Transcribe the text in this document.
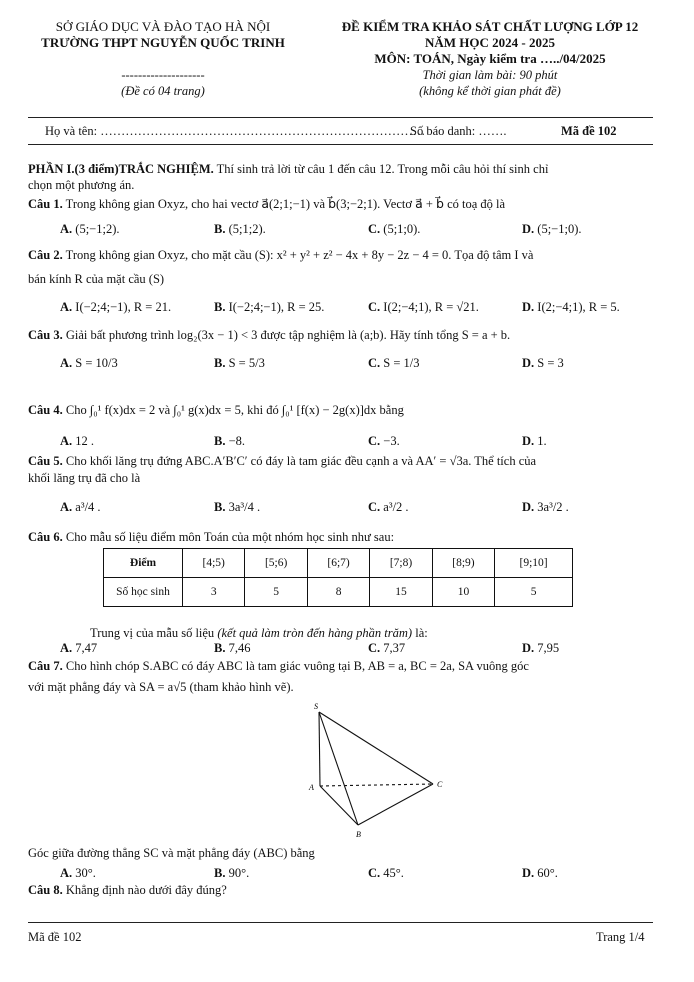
SỞ GIÁO DỤC VÀ ĐÀO TẠO HÀ NỘI
TRƯỜNG THPT NGUYỄN QUỐC TRINH
--------------------
(Đề có 04 trang)
ĐỀ KIỂM TRA KHẢO SÁT CHẤT LƯỢNG LỚP 12
NĂM HỌC 2024 - 2025
MÔN: TOÁN, Ngày kiểm tra …../04/2025
Thời gian làm bài: 90 phút
(không kể thời gian phát đề)
Họ và tên: ……………………………………………………………………
Số báo danh: …….	Mã đề 102
PHẦN I.(3 điểm)TRẮC NGHIỆM. Thí sinh trả lời từ câu 1 đến câu 12. Trong mỗi câu hỏi thí sinh chỉ
chọn một phương án.
Câu 1. Trong không gian Oxyz, cho hai vectơ a⃗(2;1;−1) và b⃗(3;−2;1). Vectơ a⃗ + b⃗ có toạ độ là
A. (5;−1;2).	B. (5;1;2).	C. (5;1;0).	D. (5;−1;0).
Câu 2. Trong không gian Oxyz, cho mặt cầu (S): x² + y² + z² − 4x + 8y − 2z − 4 = 0. Tọa độ tâm I và
bán kính R của mặt cầu (S)
A. I(−2;4;−1), R = 21.	B. I(−2;4;−1), R = 25.	C. I(2;−4;1), R = √21.	D. I(2;−4;1), R = 5.
Câu 3. Giải bất phương trình log₂(3x − 1) < 3 được tập nghiệm là (a;b). Hãy tính tổng S = a + b.
A. S = 10/3	B. S = 5/3	C. S = 1/3	D. S = 3
Câu 4. Cho ∫₀¹ f(x)dx = 2 và ∫₀¹ g(x)dx = 5, khi đó ∫₀¹ [f(x) − 2g(x)]dx bằng
A. 12 .	B. −8.	C. −3.	D. 1.
Câu 5. Cho khối lăng trụ đứng ABC.A′B′C′ có đáy là tam giác đều cạnh a và AA′ = √3a. Thể tích của
khối lăng trụ đã cho là
A. a³/4 .	B. 3a³/4 .	C. a³/2 .	D. 3a³/2 .
Câu 6. Cho mẫu số liệu điểm môn Toán của một nhóm học sinh như sau:
Điểm	[4;5)	[5;6)	[6;7)	[7;8)	[8;9)	[9;10]
Số học sinh	3	5	8	15	10	5
Trung vị của mẫu số liệu (kết quả làm tròn đến hàng phần trăm) là:
A. 7,47	B. 7,46	C. 7,37	D. 7,95
Câu 7. Cho hình chóp S.ABC có đáy ABC là tam giác vuông tại B, AB = a, BC = 2a, SA vuông góc
với mặt phẳng đáy và SA = a√5 (tham khảo hình vẽ).
S
A
B
C
Góc giữa đường thẳng SC và mặt phẳng đáy (ABC) bằng
A. 30°.	B. 90°.	C. 45°.	D. 60°.
Câu 8. Khẳng định nào dưới đây đúng?
Mã đề 102	Trang 1/4
